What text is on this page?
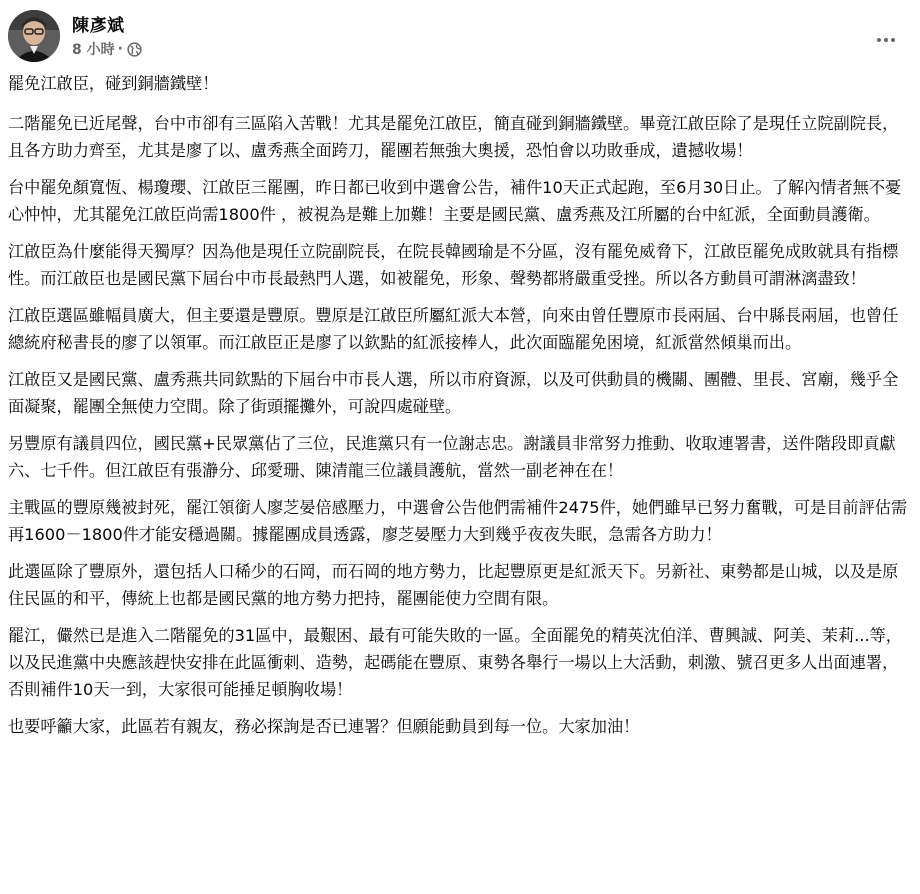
陳彥斌
8 小時 ·

罷免江啟臣，碰到銅牆鐵壁！

二階罷免已近尾聲，台中市卻有三區陷入苦戰！尤其是罷免江啟臣，簡直碰到銅牆鐵壁。畢竟江啟臣除了是現任立院副院長，且各方助力齊至，尤其是廖了以、盧秀燕全面跨刀，罷團若無強大奧援，恐怕會以功敗垂成，遺撼收場！

台中罷免顏寬恆、楊瓊瓔、江啟臣三罷團，昨日都已收到中選會公告，補件10天正式起跑，至6月30日止。了解內情者無不憂心忡忡，尤其罷免江啟臣尚需1800件 ，被視為是難上加難！主要是國民黨、盧秀燕及江所屬的台中紅派，全面動員護衛。

江啟臣為什麼能得天獨厚？因為他是現任立院副院長，在院長韓國瑜是不分區，沒有罷免威脅下，江啟臣罷免成敗就具有指標性。而江啟臣也是國民黨下屆台中市長最熱門人選，如被罷免，形象、聲勢都將嚴重受挫。所以各方動員可謂淋漓盡致！

江啟臣選區雖幅員廣大，但主要還是豐原。豐原是江啟臣所屬紅派大本營，向來由曾任豐原市長兩屆、台中縣長兩屆，也曾任總統府秘書長的廖了以領軍。而江啟臣正是廖了以欽點的紅派接棒人，此次面臨罷免困境，紅派當然傾巢而出。

江啟臣又是國民黨、盧秀燕共同欽點的下屆台中市長人選，所以市府資源，以及可供動員的機關、團體、里長、宮廟，幾乎全面凝聚，罷團全無使力空間。除了街頭擺攤外，可說四處碰壁。

另豐原有議員四位，國民黨+民眾黨佔了三位，民進黨只有一位謝志忠。謝議員非常努力推動、收取連署書，送件階段即貢獻六、七千件。但江啟臣有張瀞分、邱愛珊、陳清龍三位議員護航，當然一副老神在在！

主戰區的豐原幾被封死，罷江領銜人廖芝晏倍感壓力，中選會公告他們需補件2475件，她們雖早已努力奮戰，可是目前評估需再1600－1800件才能安穩過關。據罷團成員透露，廖芝晏壓力大到幾乎夜夜失眠，急需各方助力！

此選區除了豐原外，還包括人口稀少的石岡，而石岡的地方勢力，比起豐原更是紅派天下。另新社、東勢都是山城，以及是原住民區的和平，傳統上也都是國民黨的地方勢力把持，罷團能使力空間有限。

罷江，儼然已是進入二階罷免的31區中，最艱困、最有可能失敗的一區。全面罷免的精英沈伯洋、曹興誠、阿美、茉莉...等，以及民進黨中央應該趕快安排在此區衝刺、造勢，起碼能在豐原、東勢各舉行一場以上大活動，刺激、號召更多人出面連署，否則補件10天一到，大家很可能捶足頓胸收場！

也要呼籲大家，此區若有親友，務必探詢是否已連署？但願能動員到每一位。大家加油！
